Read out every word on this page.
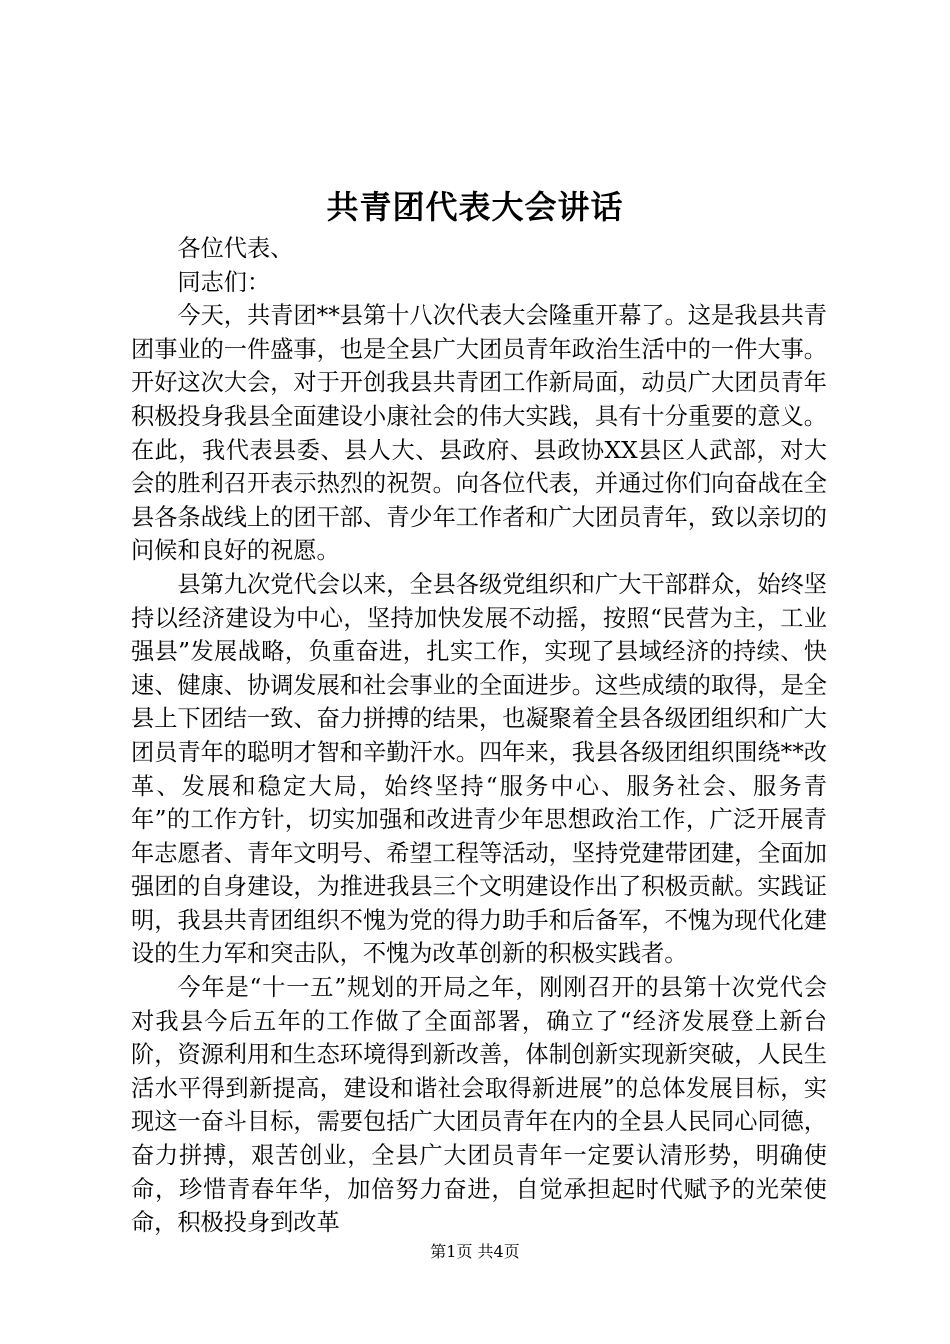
共青团代表大会讲话

各位代表、

同志们：

今天，共青团**县第十八次代表大会隆重开幕了。这是我县共青团事业的一件盛事，也是全县广大团员青年政治生活中的一件大事。开好这次大会，对于开创我县共青团工作新局面，动员广大团员青年积极投身我县全面建设小康社会的伟大实践，具有十分重要的意义。在此，我代表县委、县人大、县政府、县政协XX县区人武部，对大会的胜利召开表示热烈的祝贺。向各位代表，并通过你们向奋战在全县各条战线上的团干部、青少年工作者和广大团员青年，致以亲切的问候和良好的祝愿。

县第九次党代会以来，全县各级党组织和广大干部群众，始终坚持以经济建设为中心，坚持加快发展不动摇，按照“民营为主，工业强县”发展战略，负重奋进，扎实工作，实现了县域经济的持续、快速、健康、协调发展和社会事业的全面进步。这些成绩的取得，是全县上下团结一致、奋力拼搏的结果，也凝聚着全县各级团组织和广大团员青年的聪明才智和辛勤汗水。四年来，我县各级团组织围绕**改革、发展和稳定大局，始终坚持“服务中心、服务社会、服务青年”的工作方针，切实加强和改进青少年思想政治工作，广泛开展青年志愿者、青年文明号、希望工程等活动，坚持党建带团建，全面加强团的自身建设，为推进我县三个文明建设作出了积极贡献。实践证明，我县共青团组织不愧为党的得力助手和后备军，不愧为现代化建设的生力军和突击队，不愧为改革创新的积极实践者。

今年是“十一五”规划的开局之年，刚刚召开的县第十次党代会对我县今后五年的工作做了全面部署，确立了“经济发展登上新台阶，资源利用和生态环境得到新改善，体制创新实现新突破，人民生活水平得到新提高，建设和谐社会取得新进展”的总体发展目标，实现这一奋斗目标，需要包括广大团员青年在内的全县人民同心同德，奋力拼搏，艰苦创业，全县广大团员青年一定要认清形势，明确使命，珍惜青春年华，加倍努力奋进，自觉承担起时代赋予的光荣使命，积极投身到改革

第1页 共4页
